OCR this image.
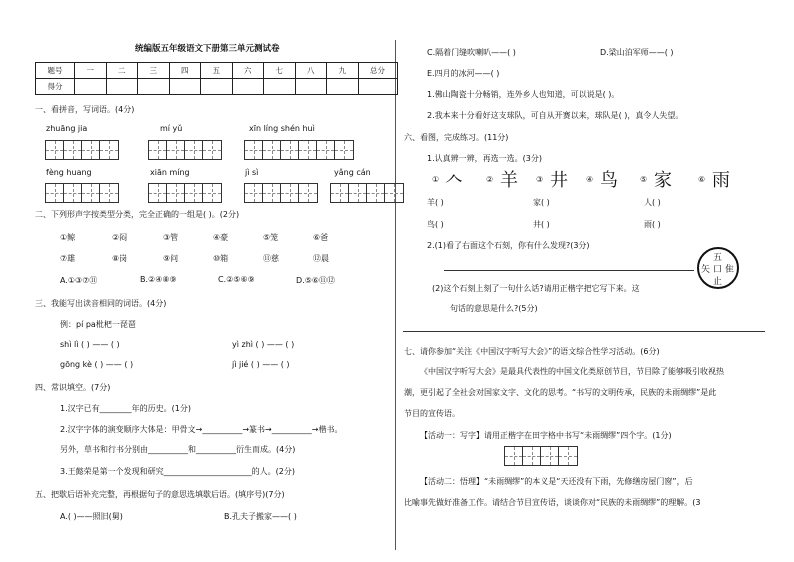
统编版五年级语文下册第三单元测试卷
题号	一	二	三	四	五	六	七	八	九	总分
得分										
一、看拼音，写词语。(4分)
zhuāng jia	mí yǔ	xīn líng shén huì
fèng huang	xiān míng	jì sì	yǎng cán
二、下列形声字按类型分类，完全正确的一组是( )。(2分)
①鲸	②闷	③管	④豪	⑤笼	⑥爸
⑦雄	⑧岗	⑨问	⑩箱	⑪慈	⑫晨
A.①③⑦⑪	B.②④⑧⑨	C.②⑤⑥⑨	D.⑤⑥⑪⑫
三、我能写出读音相同的词语。(4分)
例：pí pa枇杷一琵琶
shì lì ( ) —— ( )	yì zhì ( ) —— ( )
gōng kè ( ) —— ( )	jì jié ( ) —— ( )
四、常识填空。(7分)
1.汉字已有________年的历史。(1分)
2.汉字字体的演变顺序大体是：甲骨文→__________→篆书→__________→楷书。
另外，草书和行书分别由__________和__________衍生而成。(4分)
3.王懿荣是第一个发现和研究______________________的人。(2分)
五、把歇后语补充完整，再根据句子的意思选填歇后语。(填序号)(7分)
A.( )——照旧(舅)	B.孔夫子搬家——( )
C.隔着门缝吹喇叭——( )	D.梁山泊军师——( )
E.四月的冰河——( )
1.佛山陶瓷十分畅销，连外乡人也知道，可以说是( )。
2.我本来十分看好这支球队，可自从开赛以来，球队是( )，真令人失望。
六、看图，完成练习。(11分)
1.认真辨一辨，再选一选。(3分)
① 𠆢	② 羊 ③ 井 ④ 鸟	⑤ 家	⑥ 雨
羊( )	家( )	人( )
鸟( )	井( )	雨( )
2.(1)看了右面这个石刻，你有什么发现?(3分)
五
矢 口 隹
止
(2)这个石刻上刻了一句什么话?请用正楷字把它写下来。这
句话的意思是什么?(5分)
七、请你参加“关注《中国汉字听写大会》”的语文综合性学习活动。(6分)
《中国汉字听写大会》是最具代表性的中国文化类原创节目，节目除了能够吸引收视热
潮，更引起了全社会对国家文字、文化的思考。“书写的文明传承，民族的未雨绸缪”是此
节目的宣传语。
【活动一：写字】请用正楷字在田字格中书写“未雨绸缪”四个字。(1分)
【活动二：悟理】“未雨绸缪”的本义是“天还没有下雨，先修缮房屋门窗”，后
比喻事先做好准备工作。请结合节目宣传语，谈谈你对“民族的未雨绸缪”的理解。(3
